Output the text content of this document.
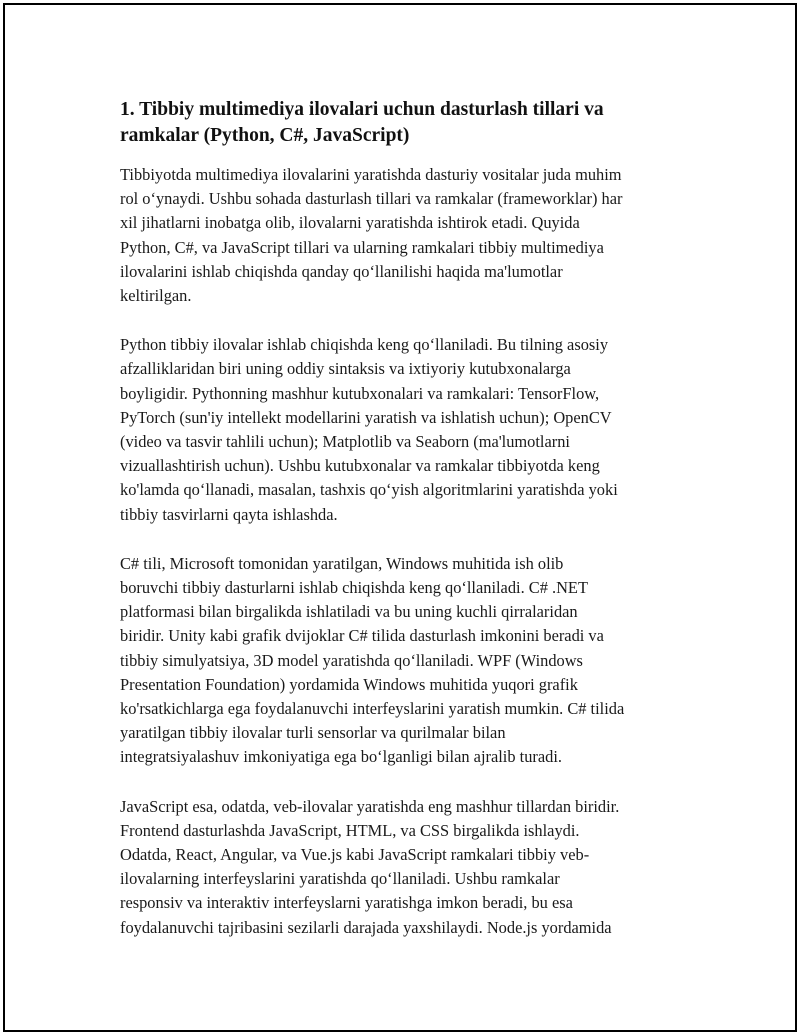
1. Tibbiy multimediya ilovalari uchun dasturlash tillari va
ramkalar (Python, C#, JavaScript)

Tibbiyotda multimediya ilovalarini yaratishda dasturiy vositalar juda muhim
rol oʻynaydi. Ushbu sohada dasturlash tillari va ramkalar (frameworklar) har
xil jihatlarni inobatga olib, ilovalarni yaratishda ishtirok etadi. Quyida
Python, C#, va JavaScript tillari va ularning ramkalari tibbiy multimediya
ilovalarini ishlab chiqishda qanday qoʻllanilishi haqida ma'lumotlar
keltirilgan.

Python tibbiy ilovalar ishlab chiqishda keng qoʻllaniladi. Bu tilning asosiy
afzalliklaridan biri uning oddiy sintaksis va ixtiyoriy kutubxonalarga
boyligidir. Pythonning mashhur kutubxonalari va ramkalari: TensorFlow,
PyTorch (sun'iy intellekt modellarini yaratish va ishlatish uchun); OpenCV
(video va tasvir tahlili uchun); Matplotlib va Seaborn (ma'lumotlarni
vizuallashtirish uchun). Ushbu kutubxonalar va ramkalar tibbiyotda keng
ko'lamda qoʻllanadi, masalan, tashxis qoʻyish algoritmlarini yaratishda yoki
tibbiy tasvirlarni qayta ishlashda.

C# tili, Microsoft tomonidan yaratilgan, Windows muhitida ish olib
boruvchi tibbiy dasturlarni ishlab chiqishda keng qoʻllaniladi. C# .NET
platformasi bilan birgalikda ishlatiladi va bu uning kuchli qirralaridan
biridir. Unity kabi grafik dvijoklar C# tilida dasturlash imkonini beradi va
tibbiy simulyatsiya, 3D model yaratishda qoʻllaniladi. WPF (Windows
Presentation Foundation) yordamida Windows muhitida yuqori grafik
ko'rsatkichlarga ega foydalanuvchi interfeyslarini yaratish mumkin. C# tilida
yaratilgan tibbiy ilovalar turli sensorlar va qurilmalar bilan
integratsiyalashuv imkoniyatiga ega boʻlganligi bilan ajralib turadi.

JavaScript esa, odatda, veb-ilovalar yaratishda eng mashhur tillardan biridir.
Frontend dasturlashda JavaScript, HTML, va CSS birgalikda ishlaydi.
Odatda, React, Angular, va Vue.js kabi JavaScript ramkalari tibbiy veb-
ilovalarning interfeyslarini yaratishda qoʻllaniladi. Ushbu ramkalar
responsiv va interaktiv interfeyslarni yaratishga imkon beradi, bu esa
foydalanuvchi tajribasini sezilarli darajada yaxshilaydi. Node.js yordamida
